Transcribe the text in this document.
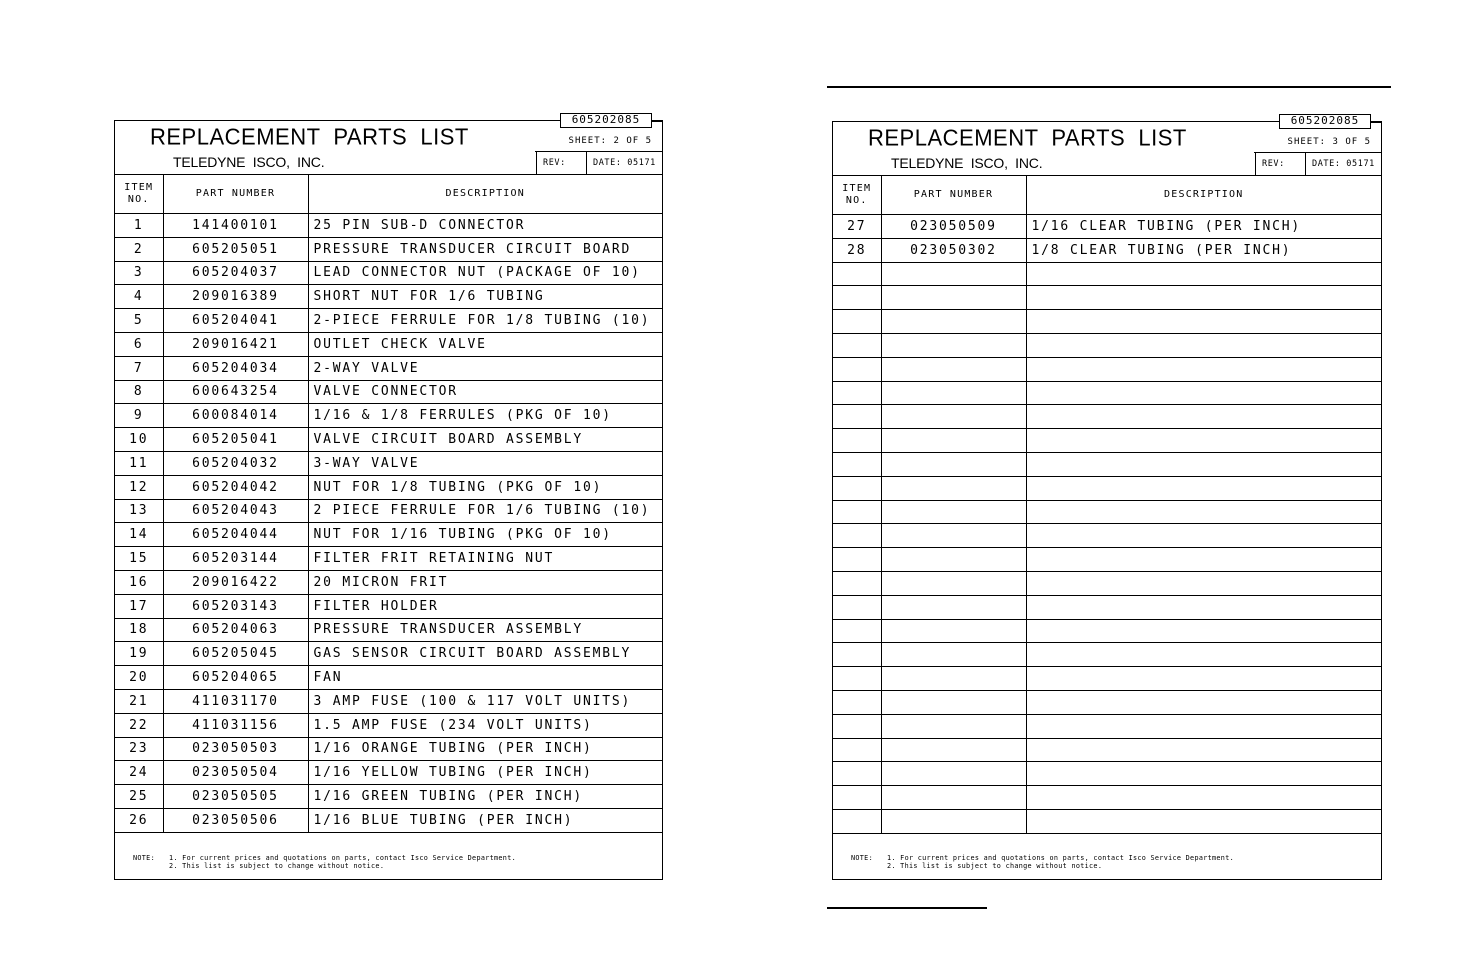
605202085
REPLACEMENT  PARTS  LIST	SHEET: 2 OF 5
TELEDYNE  ISCO,  INC.	REV:	DATE: 05171
ITEM
NO.	PART NUMBER	DESCRIPTION
1	141400101	25 PIN SUB-D CONNECTOR
2	605205051	PRESSURE TRANSDUCER CIRCUIT BOARD
3	605204037	LEAD CONNECTOR NUT (PACKAGE OF 10)
4	209016389	SHORT NUT FOR 1/6 TUBING
5	605204041	2-PIECE FERRULE FOR 1/8 TUBING (10)
6	209016421	OUTLET CHECK VALVE
7	605204034	2-WAY VALVE
8	600643254	VALVE CONNECTOR
9	600084014	1/16 & 1/8 FERRULES (PKG OF 10)
10	605205041	VALVE CIRCUIT BOARD ASSEMBLY
11	605204032	3-WAY VALVE
12	605204042	NUT FOR 1/8 TUBING (PKG OF 10)
13	605204043	2 PIECE FERRULE FOR 1/6 TUBING (10)
14	605204044	NUT FOR 1/16 TUBING (PKG OF 10)
15	605203144	FILTER FRIT RETAINING NUT
16	209016422	20 MICRON FRIT
17	605203143	FILTER HOLDER
18	605204063	PRESSURE TRANSDUCER ASSEMBLY
19	605205045	GAS SENSOR CIRCUIT BOARD ASSEMBLY
20	605204065	FAN
21	411031170	3 AMP FUSE (100 & 117 VOLT UNITS)
22	411031156	1.5 AMP FUSE (234 VOLT UNITS)
23	023050503	1/16 ORANGE TUBING (PER INCH)
24	023050504	1/16 YELLOW TUBING (PER INCH)
25	023050505	1/16 GREEN TUBING (PER INCH)
26	023050506	1/16 BLUE TUBING (PER INCH)
NOTE: 1. For current prices and quotations on parts, contact Isco Service Department.
2. This list is subject to change without notice.
605202085
REPLACEMENT  PARTS  LIST	SHEET: 3 OF 5
TELEDYNE  ISCO,  INC.	REV:	DATE: 05171
ITEM
NO.	PART NUMBER	DESCRIPTION
27	023050509	1/16 CLEAR TUBING (PER INCH)
28	023050302	1/8 CLEAR TUBING (PER INCH)

NOTE: 1. For current prices and quotations on parts, contact Isco Service Department.
2. This list is subject to change without notice.
